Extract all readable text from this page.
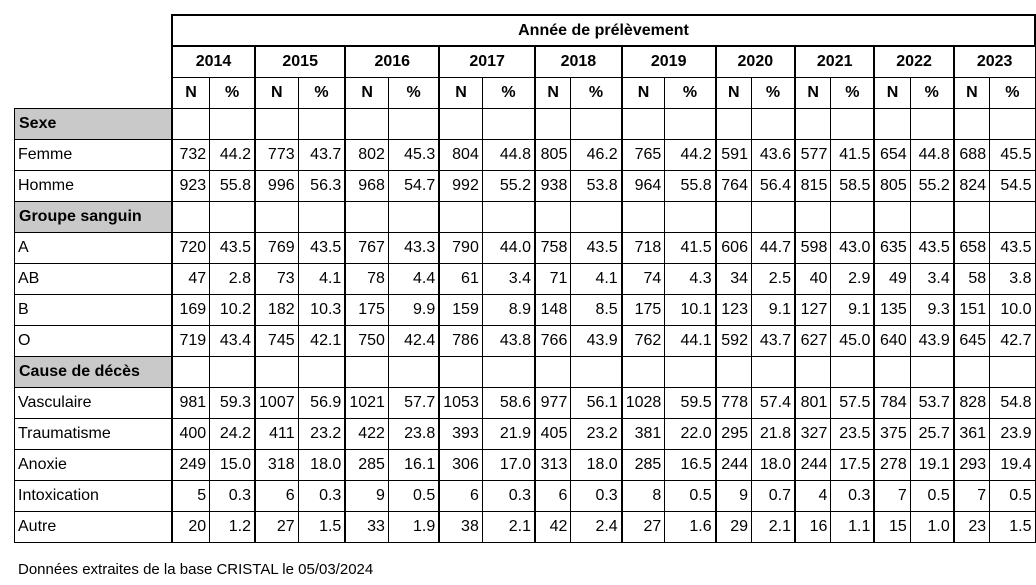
	Année de prélèvement																			
	2014		2015		2016		2017		2018		2019		2020		2021		2022		2023	
	N	%	N	%	N	%	N	%	N	%	N	%	N	%	N	%	N	%	N	%
Sexe																				
Femme	732	44.2	773	43.7	802	45.3	804	44.8	805	46.2	765	44.2	591	43.6	577	41.5	654	44.8	688	45.5
Homme	923	55.8	996	56.3	968	54.7	992	55.2	938	53.8	964	55.8	764	56.4	815	58.5	805	55.2	824	54.5
Groupe sanguin																				
A	720	43.5	769	43.5	767	43.3	790	44.0	758	43.5	718	41.5	606	44.7	598	43.0	635	43.5	658	43.5
AB	47	2.8	73	4.1	78	4.4	61	3.4	71	4.1	74	4.3	34	2.5	40	2.9	49	3.4	58	3.8
B	169	10.2	182	10.3	175	9.9	159	8.9	148	8.5	175	10.1	123	9.1	127	9.1	135	9.3	151	10.0
O	719	43.4	745	42.1	750	42.4	786	43.8	766	43.9	762	44.1	592	43.7	627	45.0	640	43.9	645	42.7
Cause de décès																				
Vasculaire	981	59.3	1007	56.9	1021	57.7	1053	58.6	977	56.1	1028	59.5	778	57.4	801	57.5	784	53.7	828	54.8
Traumatisme	400	24.2	411	23.2	422	23.8	393	21.9	405	23.2	381	22.0	295	21.8	327	23.5	375	25.7	361	23.9
Anoxie	249	15.0	318	18.0	285	16.1	306	17.0	313	18.0	285	16.5	244	18.0	244	17.5	278	19.1	293	19.4
Intoxication	5	0.3	6	0.3	9	0.5	6	0.3	6	0.3	8	0.5	9	0.7	4	0.3	7	0.5	7	0.5
Autre	20	1.2	27	1.5	33	1.9	38	2.1	42	2.4	27	1.6	29	2.1	16	1.1	15	1.0	23	1.5
Données extraites de la base CRISTAL le 05/03/2024
